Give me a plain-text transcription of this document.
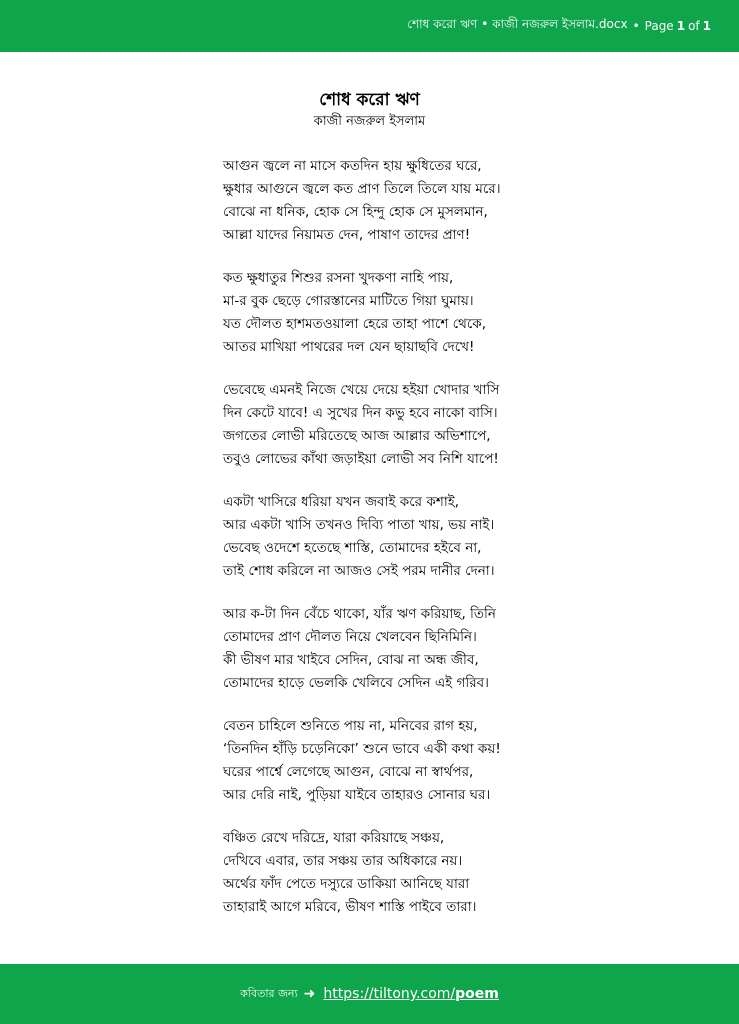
শোধ করো ঋণ • কাজী নজরুল ইসলাম.docx • Page 1 of 1
শোধ করো ঋণ
কাজী নজরুল ইসলাম
আগুন জ্বলে না মাসে কতদিন হায় ক্ষুধিতের ঘরে,
ক্ষুধার আগুনে জ্বলে কত প্রাণ তিলে তিলে যায় মরে।
বোঝে না ধনিক, হোক সে হিন্দু হোক সে মুসলমান,
আল্লা যাদের নিয়ামত দেন, পাষাণ তাদের প্রাণ!
কত ক্ষুধাতুর শিশুর রসনা খুদকণা নাহি পায়,
মা-র বুক ছেড়ে গোরস্তানের মাটিতে গিয়া ঘুমায়।
যত দৌলত হাশমতওয়ালা হেরে তাহা পাশে থেকে,
আতর মাখিয়া পাথরের দল যেন ছায়াছবি দেখে!
ভেবেছে এমনই নিজে খেয়ে দেয়ে হইয়া খোদার খাসি
দিন কেটে যাবে! এ সুখের দিন কভু হবে নাকো বাসি।
জগতের লোভী মরিতেছে আজ আল্লার অভিশাপে,
তবুও লোভের কাঁথা জড়াইয়া লোভী সব নিশি যাপে!
একটা খাসিরে ধরিয়া যখন জবাই করে কশাই,
আর একটা খাসি তখনও দিব্যি পাতা খায়, ভয় নাই।
ভেবেছ ওদেশে হতেছে শাস্তি, তোমাদের হইবে না,
তাই শোধ করিলে না আজও সেই পরম দানীর দেনা।
আর ক-টা দিন বেঁচে থাকো, যাঁর ঋণ করিয়াছ, তিনি
তোমাদের প্রাণ দৌলত নিয়ে খেলবেন ছিনিমিনি।
কী ভীষণ মার খাইবে সেদিন, বোঝ না অন্ধ জীব,
তোমাদের হাড়ে ভেলকি খেলিবে সেদিন এই গরিব।
বেতন চাহিলে শুনিতে পায় না, মনিবের রাগ হয়,
‘তিনদিন হাঁড়ি চড়েনিকো’ শুনে ভাবে একী কথা কয়!
ঘরের পার্শ্বে লেগেছে আগুন, বোঝে না স্বার্থপর,
আর দেরি নাই, পুড়িয়া যাইবে তাহারও সোনার ঘর।
বঞ্চিত রেখে দরিদ্রে, যারা করিয়াছে সঞ্চয়,
দেখিবে এবার, তার সঞ্চয় তার অধিকারে নয়।
অর্থের ফাঁদ পেতে দস্যুরে ডাকিয়া আনিছে যারা
তাহারাই আগে মরিবে, ভীষণ শাস্তি পাইবে তারা।
কবিতার জন্য ➜ https://tiltony.com/poem
